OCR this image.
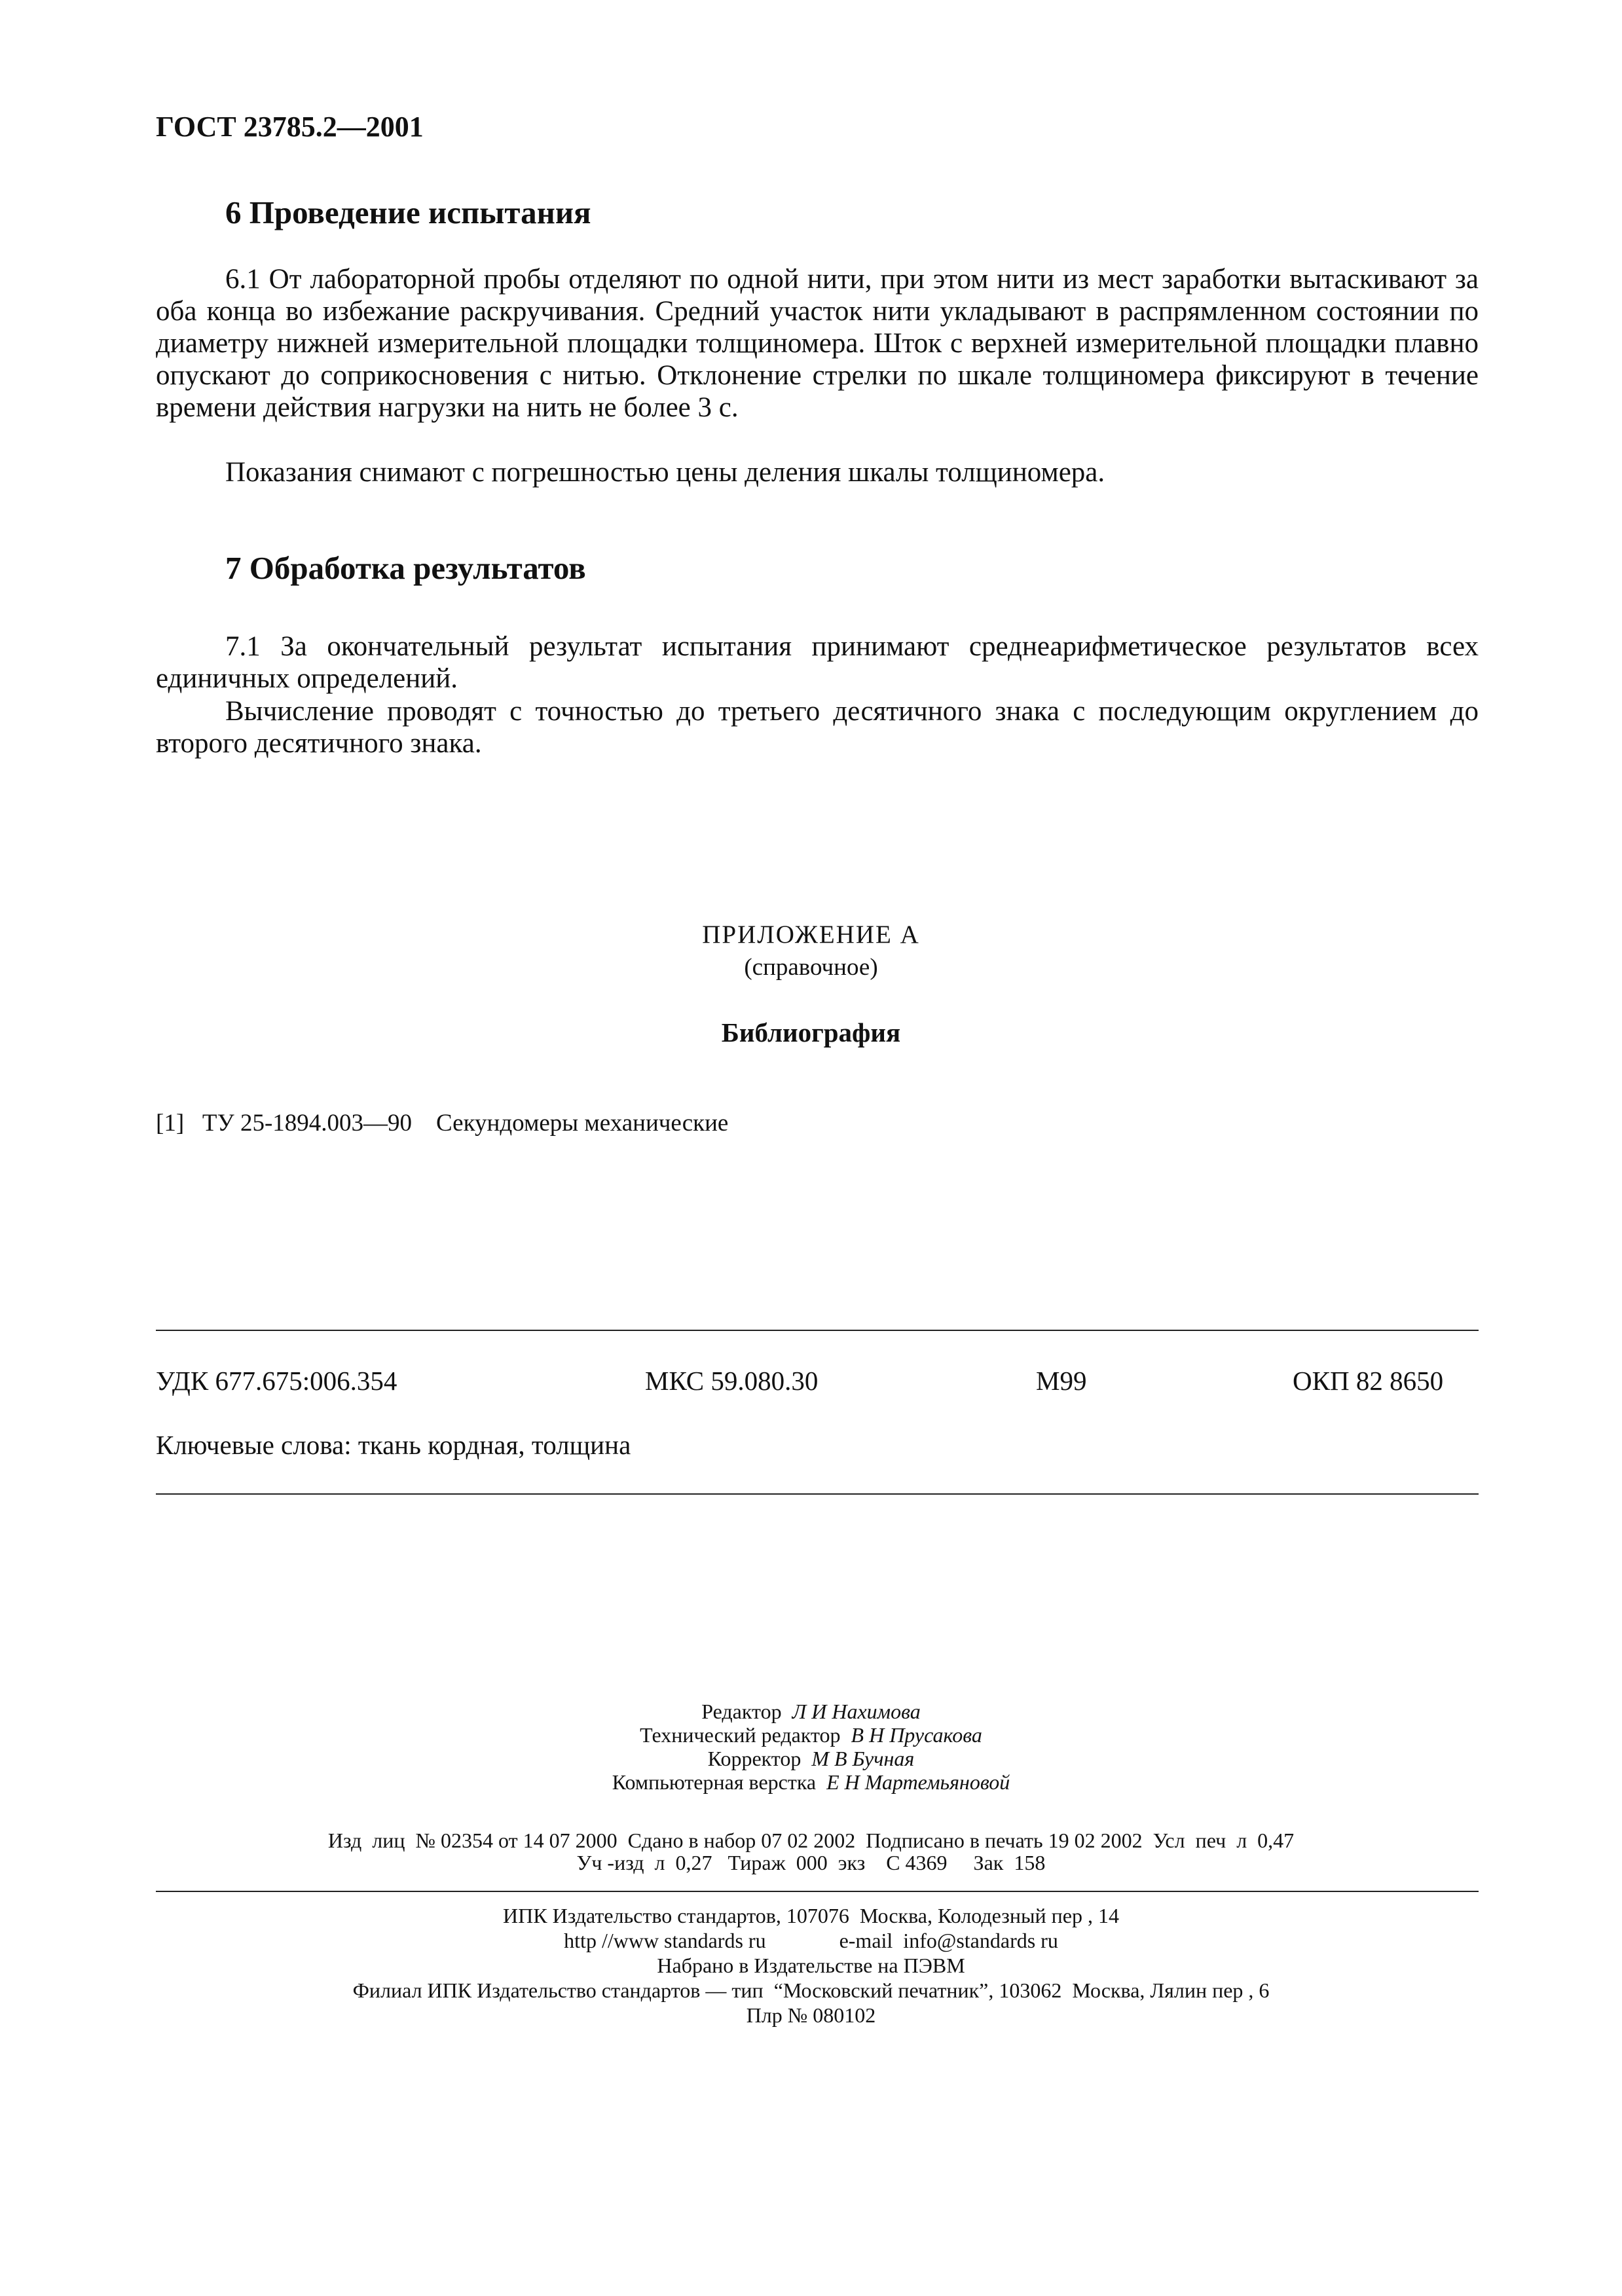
ГОСТ 23785.2—2001
6 Проведение испытания
6.1 От лабораторной пробы отделяют по одной нити, при этом нити из мест заработки вытаскивают за оба конца во избежание раскручивания. Средний участок нити укладывают в распрямленном состоянии по диаметру нижней измерительной площадки толщиномера. Шток с верхней измерительной площадки плавно опускают до соприкосновения с нитью. Отклонение стрелки по шкале толщиномера фиксируют в течение времени действия нагрузки на нить не более 3 с.
Показания снимают с погрешностью цены деления шкалы толщиномера.
7 Обработка результатов
7.1 За окончательный результат испытания принимают среднеарифметическое результатов всех единичных определений.
Вычисление проводят с точностью до третьего десятичного знака с последующим округлением до второго десятичного знака.
ПРИЛОЖЕНИЕ А
(справочное)
Библиография
[1]   ТУ 25-1894.003—90    Секундомеры механические
УДК 677.675:006.354	МКС 59.080.30	М99	ОКП 82 8650
Ключевые слова: ткань кордная, толщина
Редактор Л И Нахимова
Технический редактор В Н Прусакова
Корректор М В Бучная
Компьютерная верстка Е Н Мартемьяновой
Изд  лиц  № 02354 от 14 07 2000  Сдано в набор 07 02 2002  Подписано в печать 19 02 2002  Усл  печ  л  0,47
Уч -изд  л  0,27   Тираж  000  экз    С 4369     Зак  158
ИПК Издательство стандартов, 107076  Москва, Колодезный пер , 14
http //www standards ru              e-mail  info@standards ru
Набрано в Издательстве на ПЭВМ
Филиал ИПК Издательство стандартов — тип  “Московский печатник”, 103062  Москва, Лялин пер , 6
Плр № 080102
